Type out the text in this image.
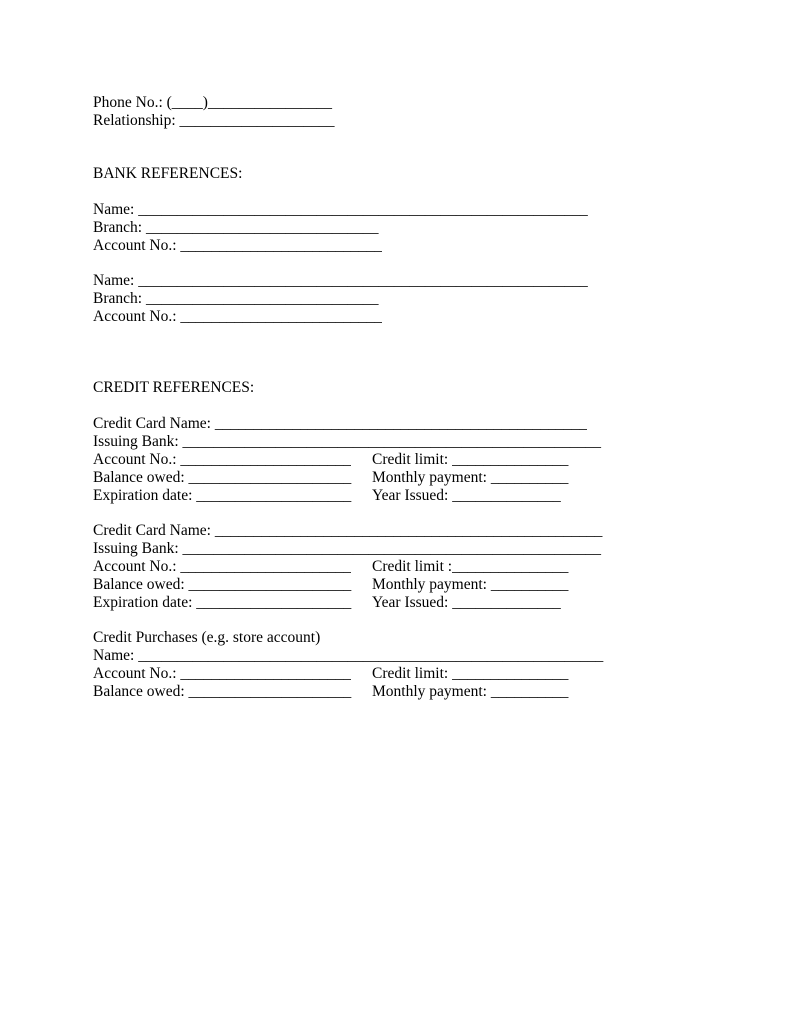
Phone No.: (____)________________
Relationship: ____________________
BANK REFERENCES:
Name: __________________________________________________________
Branch: ______________________________
Account No.: __________________________
Name: __________________________________________________________
Branch: ______________________________
Account No.: __________________________
CREDIT REFERENCES:
Credit Card Name: ________________________________________________
Issuing Bank: ______________________________________________________
Account No.: ______________________ Credit limit: _______________
Balance owed: _____________________ Monthly payment: __________
Expiration date: ____________________ Year Issued: ______________
Credit Card Name: __________________________________________________
Issuing Bank: ______________________________________________________
Account No.: ______________________ Credit limit :_______________
Balance owed: _____________________ Monthly payment: __________
Expiration date: ____________________ Year Issued: ______________
Credit Purchases (e.g. store account)
Name: ____________________________________________________________
Account No.: ______________________ Credit limit: _______________
Balance owed: _____________________ Monthly payment: __________
